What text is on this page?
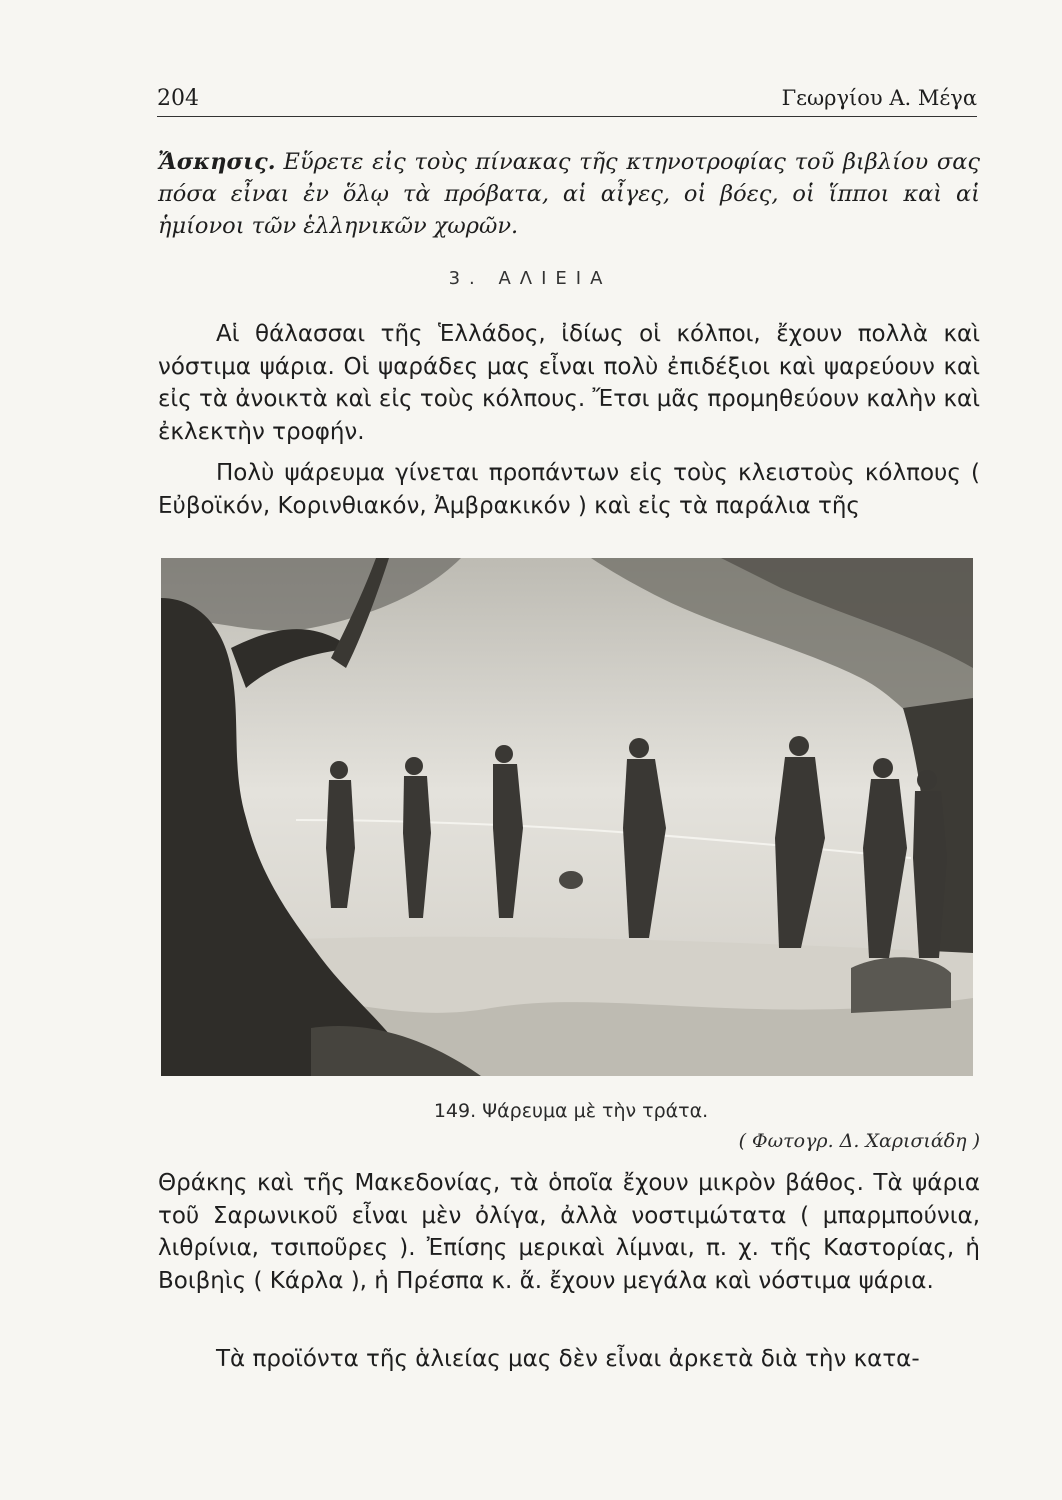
204	Γεωργίου Α. Μέγα
Ἄσκησις. Εὕρετε εἰς τοὺς πίνακας τῆς κτηνοτροφίας τοῦ βιβλίου σας πόσα εἶναι ἐν ὅλῳ τὰ πρόβατα, αἱ αἶγες, οἱ βόες, οἱ ἵπποι καὶ αἱ ἡμίονοι τῶν ἑλληνικῶν χωρῶν.
3. ΑΛΙΕΙΑ
Αἱ θάλασσαι τῆς Ἑλλάδος, ἰδίως οἱ κόλποι, ἔχουν πολλὰ καὶ νόστιμα ψάρια. Οἱ ψαράδες μας εἶναι πολὺ ἐπιδέξιοι καὶ ψαρεύουν καὶ εἰς τὰ ἀνοικτὰ καὶ εἰς τοὺς κόλπους. Ἔτσι μᾶς προμηθεύουν καλὴν καὶ ἐκλεκτὴν τροφήν.
Πολὺ ψάρευμα γίνεται προπάντων εἰς τοὺς κλειστοὺς κόλπους ( Εὐβοϊκόν, Κορινθιακόν, Ἀμβρακικόν ) καὶ εἰς τὰ παράλια τῆς
149. Ψάρευμα μὲ τὴν τράτα.
( Φωτογρ. Δ. Χαρισιάδη )
Θράκης καὶ τῆς Μακεδονίας, τὰ ὁποῖα ἔχουν μικρὸν βάθος. Τὰ ψάρια τοῦ Σαρωνικοῦ εἶναι μὲν ὀλίγα, ἀλλὰ νοστιμώτατα ( μπαρμπούνια, λιθρίνια, τσιποῦρες ). Ἐπίσης μερικαὶ λίμναι, π. χ. τῆς Καστορίας, ἡ Βοιβηὶς ( Κάρλα ), ἡ Πρέσπα κ. ἄ. ἔχουν μεγάλα καὶ νόστιμα ψάρια.
Τὰ προϊόντα τῆς ἁλιείας μας δὲν εἶναι ἀρκετὰ διὰ τὴν κατα-
